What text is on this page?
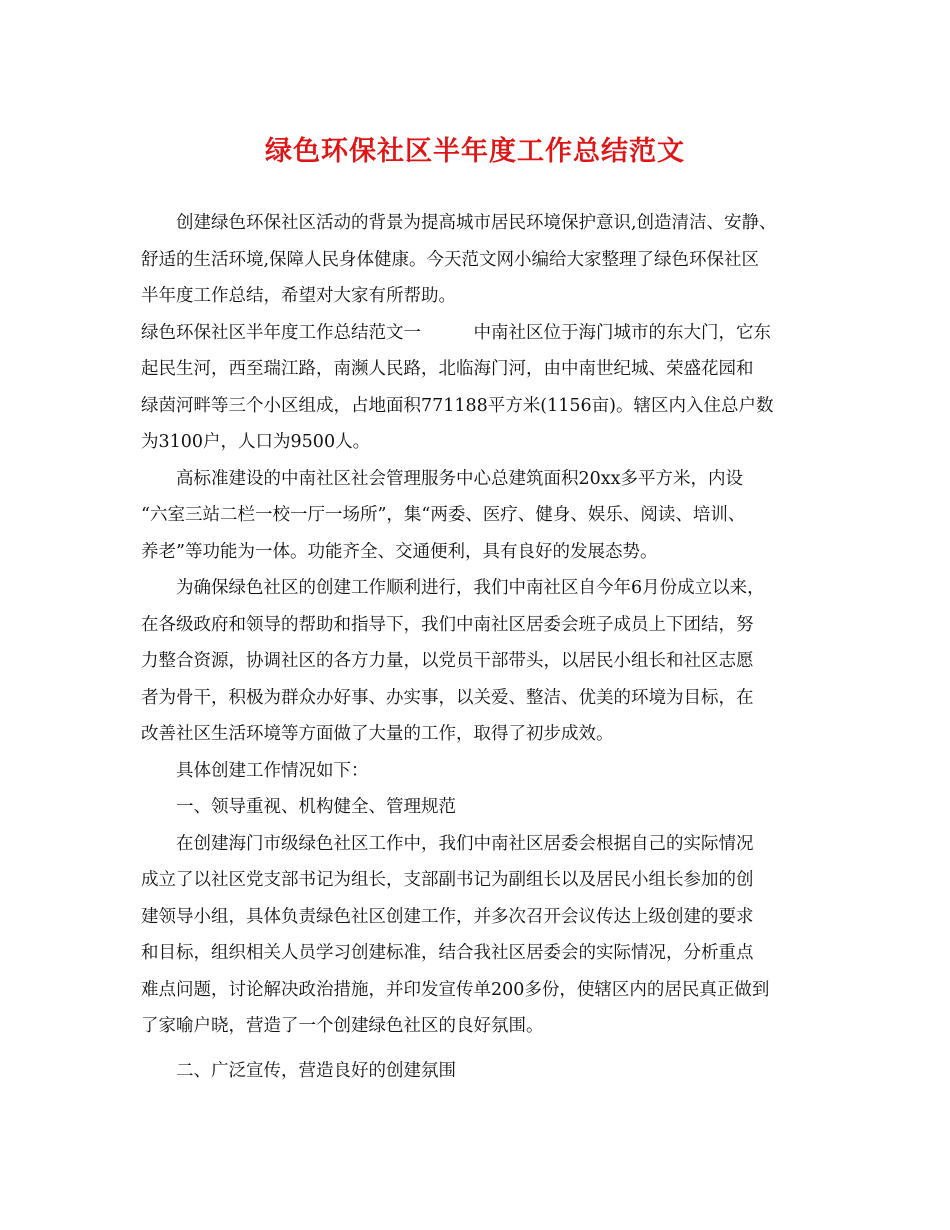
绿色环保社区半年度工作总结范文
　　创建绿色环保社区活动的背景为提高城市居民环境保护意识,创造清洁、安静、
舒适的生活环境,保障人民身体健康。今天范文网小编给大家整理了绿色环保社区
半年度工作总结，希望对大家有所帮助。
绿色环保社区半年度工作总结范文一　　　中南社区位于海门城市的东大门，它东
起民生河，西至瑞江路，南濒人民路，北临海门河，由中南世纪城、荣盛花园和
绿茵河畔等三个小区组成，占地面积771188平方米(1156亩)。辖区内入住总户数
为3100户，人口为9500人。
　　高标准建设的中南社区社会管理服务中心总建筑面积20xx多平方米，内设
“六室三站二栏一校一厅一场所”，集“两委、医疗、健身、娱乐、阅读、培训、
养老”等功能为一体。功能齐全、交通便利，具有良好的发展态势。
　　为确保绿色社区的创建工作顺利进行，我们中南社区自今年6月份成立以来，
在各级政府和领导的帮助和指导下，我们中南社区居委会班子成员上下团结，努
力整合资源，协调社区的各方力量，以党员干部带头，以居民小组长和社区志愿
者为骨干，积极为群众办好事、办实事，以关爱、整洁、优美的环境为目标，在
改善社区生活环境等方面做了大量的工作，取得了初步成效。
　　具体创建工作情况如下：
　　一、领导重视、机构健全、管理规范
　　在创建海门市级绿色社区工作中，我们中南社区居委会根据自己的实际情况
成立了以社区党支部书记为组长，支部副书记为副组长以及居民小组长参加的创
建领导小组，具体负责绿色社区创建工作，并多次召开会议传达上级创建的要求
和目标，组织相关人员学习创建标准，结合我社区居委会的实际情况，分析重点
难点问题，讨论解决政治措施，并印发宣传单200多份，使辖区内的居民真正做到
了家喻户晓，营造了一个创建绿色社区的良好氛围。
　　二、广泛宣传，营造良好的创建氛围
